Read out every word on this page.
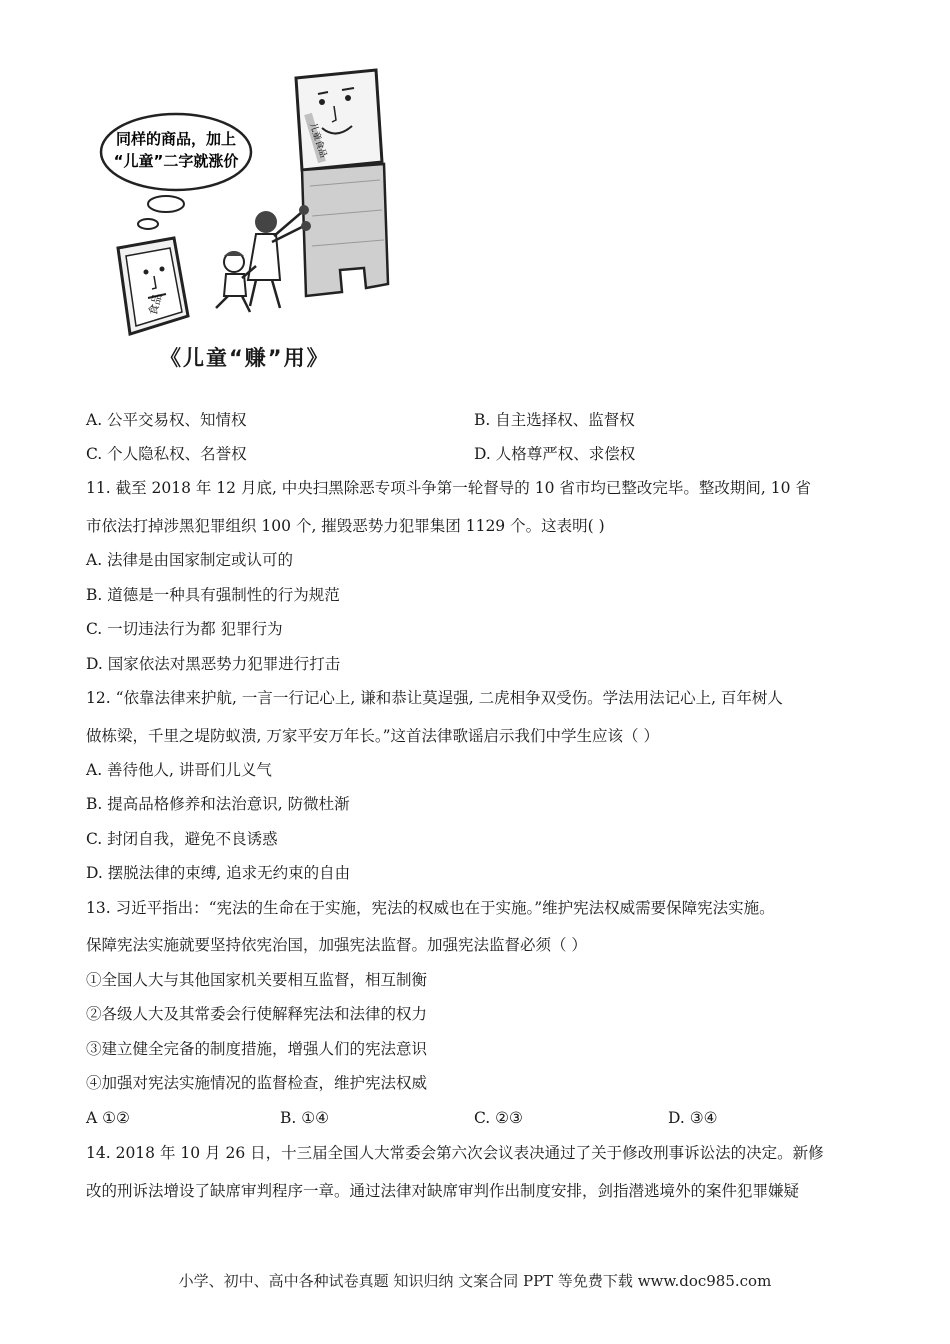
同样的商品，加上
“儿童”二字就涨价
食品
儿童食品
《儿童“赚”用》
A. 公平交易权、知情权	B. 自主选择权、监督权
C. 个人隐私权、名誉权	D. 人格尊严权、求偿权
11. 截至 2018 年 12 月底, 中央扫黑除恶专项斗争第一轮督导的 10 省市均已整改完毕。整改期间, 10 省
市依法打掉涉黑犯罪组织 100 个, 摧毁恶势力犯罪集团 1129 个。这表明( )
A. 法律是由国家制定或认可的
B. 道德是一种具有强制性的行为规范
C. 一切违法行为都 犯罪行为
D. 国家依法对黑恶势力犯罪进行打击
12. “依靠法律来护航, 一言一行记心上, 谦和恭让莫逞强, 二虎相争双受伤。学法用法记心上, 百年树人
做栋梁，千里之堤防蚁溃, 万家平安万年长。”这首法律歌谣启示我们中学生应该（ ）
A. 善待他人, 讲哥们儿义气
B. 提高品格修养和法治意识, 防微杜渐
C. 封闭自我，避免不良诱惑
D. 摆脱法律的束缚, 追求无约束的自由
13. 习近平指出：“宪法的生命在于实施，宪法的权威也在于实施。”维护宪法权威需要保障宪法实施。
保障宪法实施就要坚持依宪治国，加强宪法监督。加强宪法监督必须（ ）
①全国人大与其他国家机关要相互监督，相互制衡
②各级人大及其常委会行使解释宪法和法律的权力
③建立健全完备的制度措施，增强人们的宪法意识
④加强对宪法实施情况的监督检查，维护宪法权威
A ①②	B. ①④	C. ②③	D. ③④
14. 2018 年 10 月 26 日，十三届全国人大常委会第六次会议表决通过了关于修改刑事诉讼法的决定。新修
改的刑诉法增设了缺席审判程序一章。通过法律对缺席审判作出制度安排，剑指潜逃境外的案件犯罪嫌疑
小学、初中、高中各种试卷真题 知识归纳 文案合同 PPT 等免费下载 www.doc985.com
